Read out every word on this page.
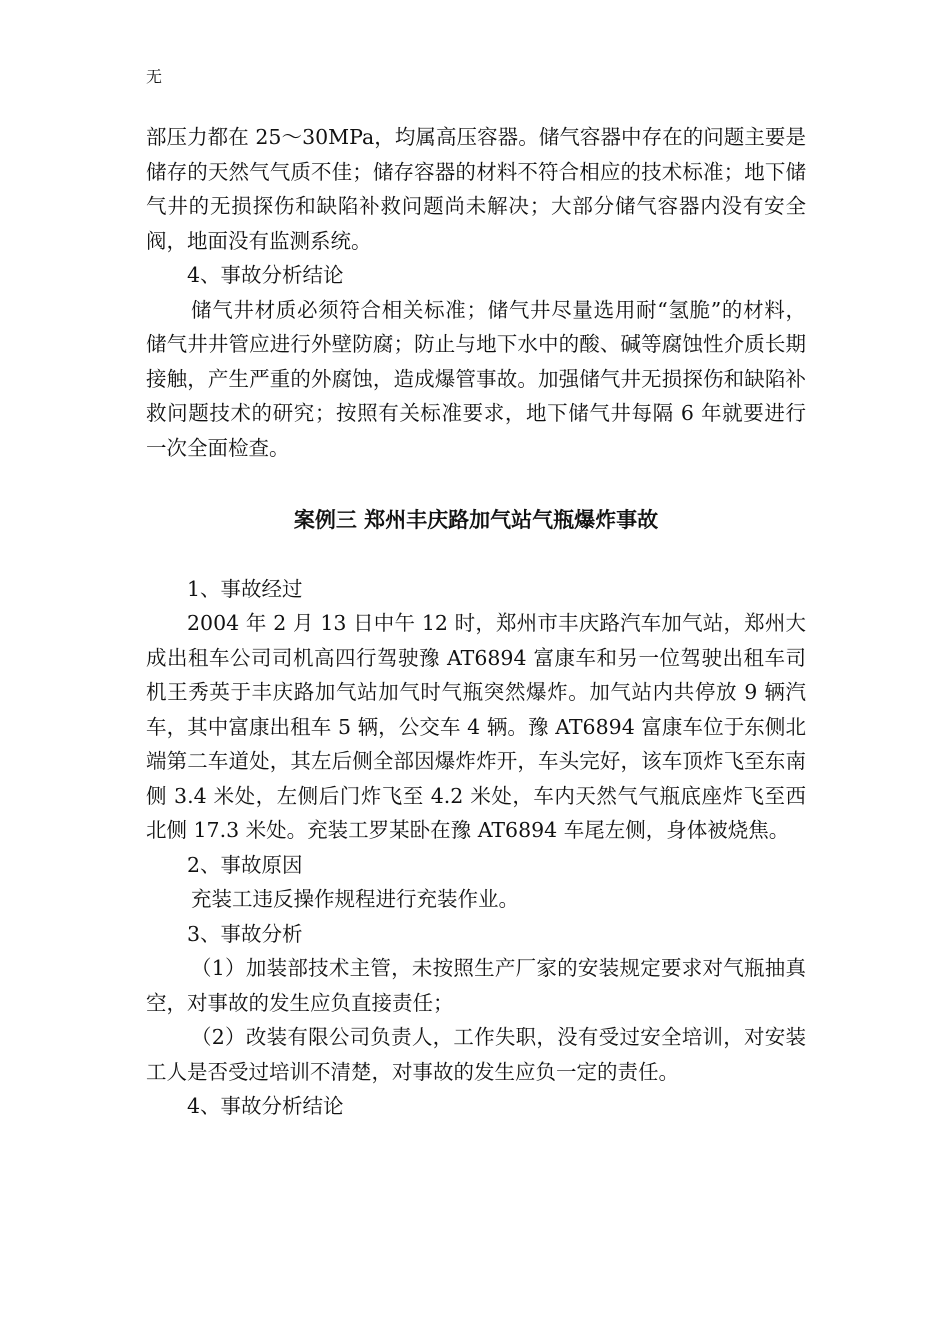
无

部压力都在 25～30MPa，均属高压容器。储气容器中存在的问题主要是储存的天然气气质不佳；储存容器的材料不符合相应的技术标准；地下储气井的无损探伤和缺陷补救问题尚未解决；大部分储气容器内没有安全阀，地面没有监测系统。

4、事故分析结论

储气井材质必须符合相关标准；储气井尽量选用耐“氢脆”的材料，储气井井管应进行外壁防腐；防止与地下水中的酸、碱等腐蚀性介质长期接触，产生严重的外腐蚀，造成爆管事故。加强储气井无损探伤和缺陷补救问题技术的研究；按照有关标准要求，地下储气井每隔 6 年就要进行一次全面检查。

案例三 郑州丰庆路加气站气瓶爆炸事故

1、事故经过

2004 年 2 月 13 日中午 12 时，郑州市丰庆路汽车加气站，郑州大成出租车公司司机高四行驾驶豫 AT6894 富康车和另一位驾驶出租车司机王秀英于丰庆路加气站加气时气瓶突然爆炸。加气站内共停放 9 辆汽车，其中富康出租车 5 辆，公交车 4 辆。豫 AT6894 富康车位于东侧北端第二车道处，其左后侧全部因爆炸炸开，车头完好，该车顶炸飞至东南侧 3.4 米处，左侧后门炸飞至 4.2 米处，车内天然气气瓶底座炸飞至西北侧 17.3 米处。充装工罗某卧在豫 AT6894 车尾左侧，身体被烧焦。

2、事故原因

充装工违反操作规程进行充装作业。

3、事故分析

（1）加装部技术主管，未按照生产厂家的安装规定要求对气瓶抽真空，对事故的发生应负直接责任；

（2）改装有限公司负责人，工作失职，没有受过安全培训，对安装工人是否受过培训不清楚，对事故的发生应负一定的责任。

4、事故分析结论
